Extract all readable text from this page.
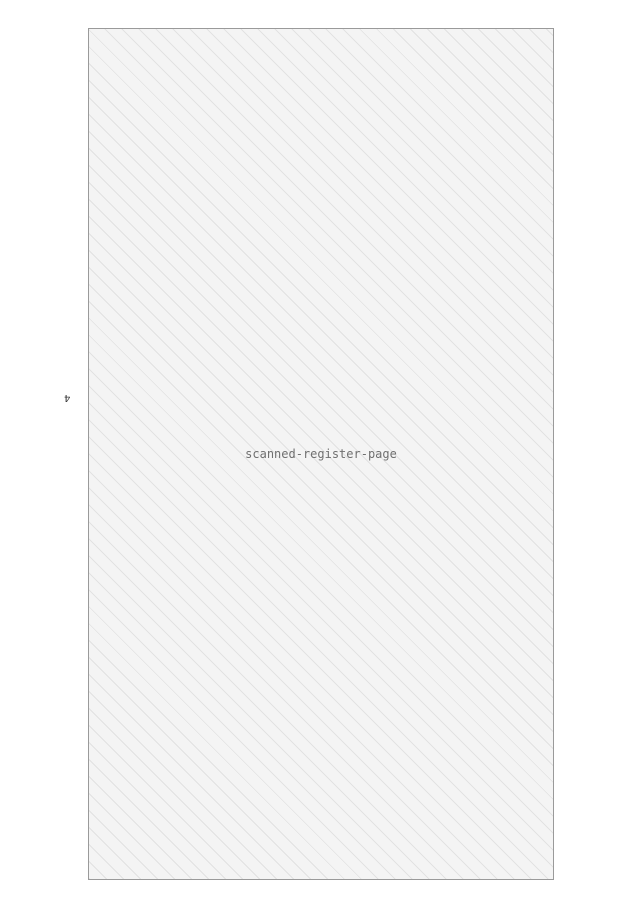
4
scanned-register-page
